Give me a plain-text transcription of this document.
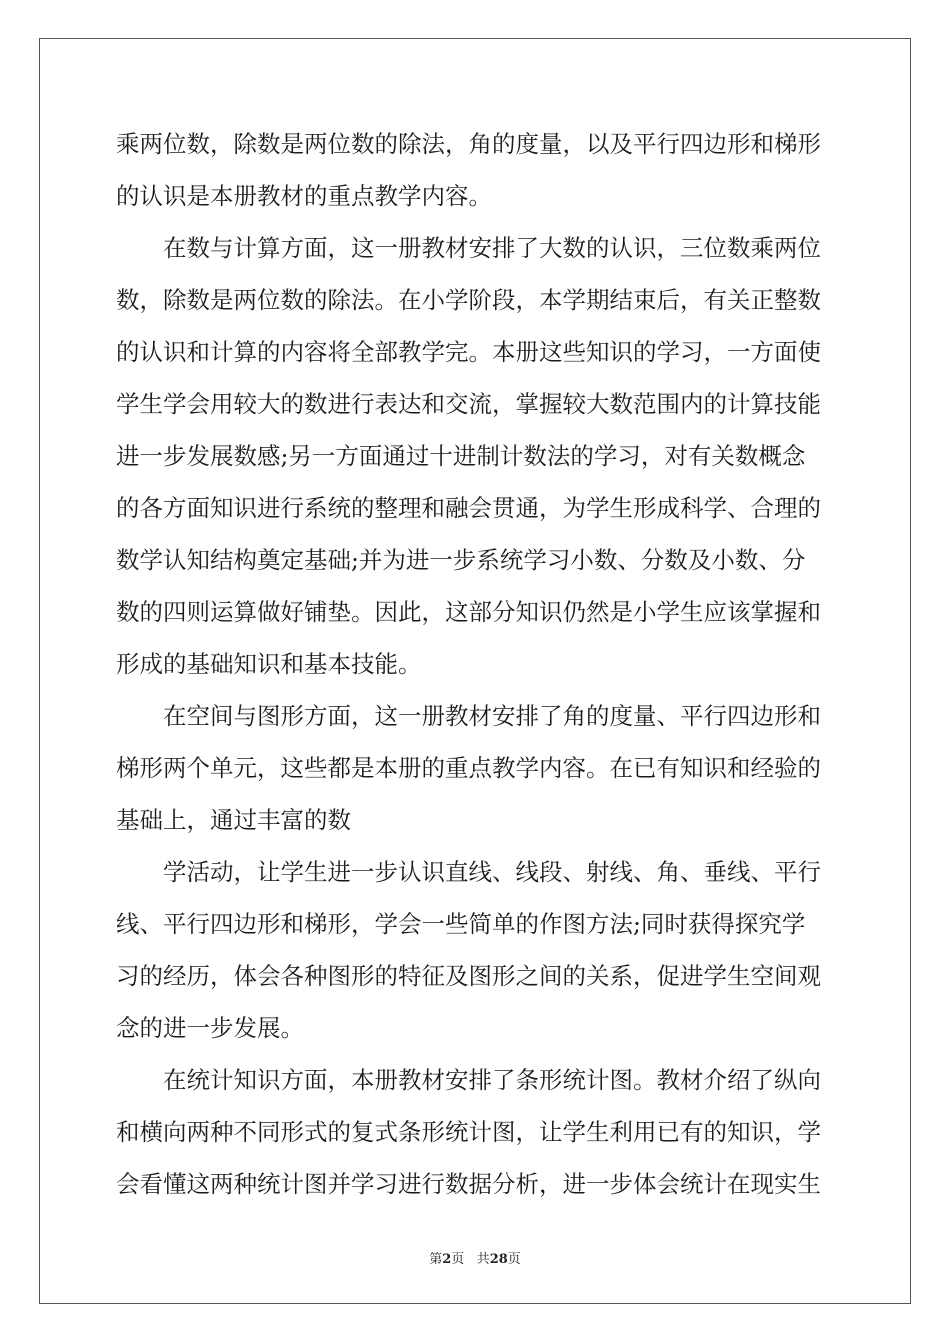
乘两位数，除数是两位数的除法，角的度量，以及平行四边形和梯形
的认识是本册教材的重点教学内容。
在数与计算方面，这一册教材安排了大数的认识，三位数乘两位
数，除数是两位数的除法。在小学阶段，本学期结束后，有关正整数
的认识和计算的内容将全部教学完。本册这些知识的学习，一方面使
学生学会用较大的数进行表达和交流，掌握较大数范围内的计算技能
进一步发展数感;另一方面通过十进制计数法的学习，对有关数概念
的各方面知识进行系统的整理和融会贯通，为学生形成科学、合理的
数学认知结构奠定基础;并为进一步系统学习小数、分数及小数、分
数的四则运算做好铺垫。因此，这部分知识仍然是小学生应该掌握和
形成的基础知识和基本技能。
在空间与图形方面，这一册教材安排了角的度量、平行四边形和
梯形两个单元，这些都是本册的重点教学内容。在已有知识和经验的
基础上，通过丰富的数
学活动，让学生进一步认识直线、线段、射线、角、垂线、平行
线、平行四边形和梯形，学会一些简单的作图方法;同时获得探究学
习的经历，体会各种图形的特征及图形之间的关系，促进学生空间观
念的进一步发展。
在统计知识方面，本册教材安排了条形统计图。教材介绍了纵向
和横向两种不同形式的复式条形统计图，让学生利用已有的知识，学
会看懂这两种统计图并学习进行数据分析，进一步体会统计在现实生
第2页 共28页
